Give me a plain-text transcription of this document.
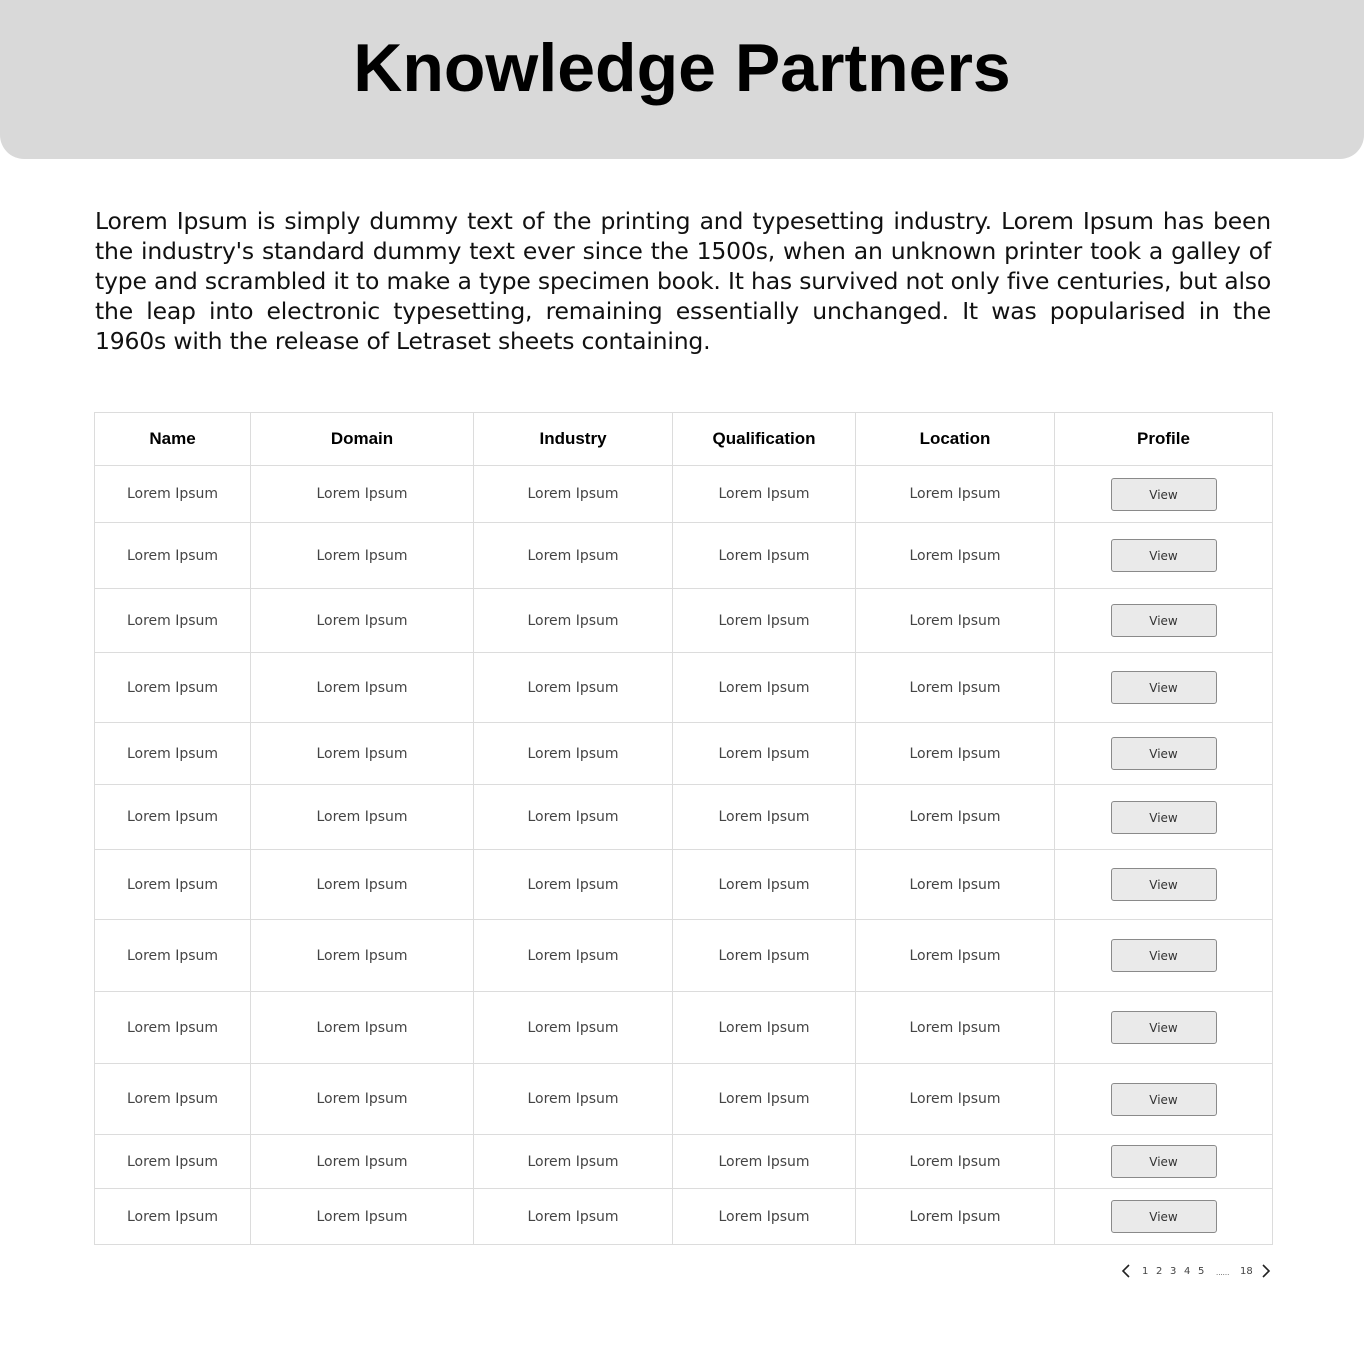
Knowledge Partners

Lorem Ipsum is simply dummy text of the printing and typesetting industry. Lorem Ipsum has been the industry's standard dummy text ever since the 1500s, when an unknown printer took a galley of type and scrambled it to make a type specimen book. It has survived not only five centuries, but also the leap into electronic typesetting, remaining essentially unchanged. It was popularised in the 1960s with the release of Letraset sheets containing.

Name	Domain	Industry	Qualification	Location	Profile
Lorem Ipsum	Lorem Ipsum	Lorem Ipsum	Lorem Ipsum	Lorem Ipsum	View
Lorem Ipsum	Lorem Ipsum	Lorem Ipsum	Lorem Ipsum	Lorem Ipsum	View
Lorem Ipsum	Lorem Ipsum	Lorem Ipsum	Lorem Ipsum	Lorem Ipsum	View
Lorem Ipsum	Lorem Ipsum	Lorem Ipsum	Lorem Ipsum	Lorem Ipsum	View
Lorem Ipsum	Lorem Ipsum	Lorem Ipsum	Lorem Ipsum	Lorem Ipsum	View
Lorem Ipsum	Lorem Ipsum	Lorem Ipsum	Lorem Ipsum	Lorem Ipsum	View
Lorem Ipsum	Lorem Ipsum	Lorem Ipsum	Lorem Ipsum	Lorem Ipsum	View
Lorem Ipsum	Lorem Ipsum	Lorem Ipsum	Lorem Ipsum	Lorem Ipsum	View
Lorem Ipsum	Lorem Ipsum	Lorem Ipsum	Lorem Ipsum	Lorem Ipsum	View
Lorem Ipsum	Lorem Ipsum	Lorem Ipsum	Lorem Ipsum	Lorem Ipsum	View
Lorem Ipsum	Lorem Ipsum	Lorem Ipsum	Lorem Ipsum	Lorem Ipsum	View
Lorem Ipsum	Lorem Ipsum	Lorem Ipsum	Lorem Ipsum	Lorem Ipsum	View
1 2 3 4 5 ...... 18
